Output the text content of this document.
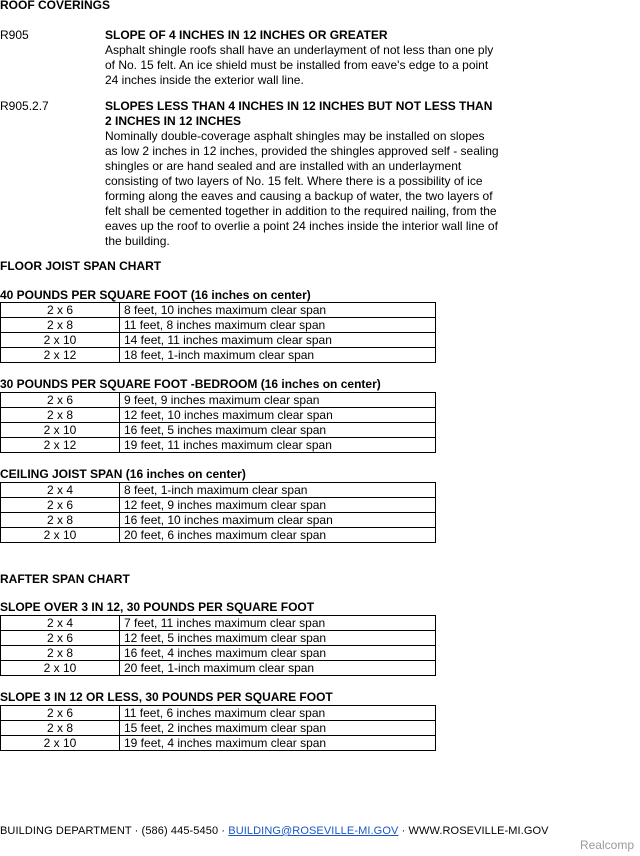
ROOF COVERINGS
R905	SLOPE OF 4 INCHES IN 12 INCHES OR GREATER
Asphalt shingle roofs shall have an underlayment of not less than one ply
of No. 15 felt. An ice shield must be installed from eave's edge to a point
24 inches inside the exterior wall line.
R905.2.7	SLOPES LESS THAN 4 INCHES IN 12 INCHES BUT NOT LESS THAN
2 INCHES IN 12 INCHES
Nominally double-coverage asphalt shingles may be installed on slopes
as low 2 inches in 12 inches, provided the shingles approved self - sealing
shingles or are hand sealed and are installed with an underlayment
consisting of two layers of No. 15 felt. Where there is a possibility of ice
forming along the eaves and causing a backup of water, the two layers of
felt shall be cemented together in addition to the required nailing, from the
eaves up the roof to overlie a point 24 inches inside the interior wall line of
the building.
FLOOR JOIST SPAN CHART
40 POUNDS PER SQUARE FOOT (16 inches on center)
2 x 6	8 feet, 10 inches maximum clear span
2 x 8	11 feet, 8 inches maximum clear span
2 x 10	14 feet, 11 inches maximum clear span
2 x 12	18 feet, 1-inch maximum clear span
30 POUNDS PER SQUARE FOOT -BEDROOM (16 inches on center)
2 x 6	9 feet, 9 inches maximum clear span
2 x 8	12 feet, 10 inches maximum clear span
2 x 10	16 feet, 5 inches maximum clear span
2 x 12	19 feet, 11 inches maximum clear span
CEILING JOIST SPAN (16 inches on center)
2 x 4	8 feet, 1-inch maximum clear span
2 x 6	12 feet, 9 inches maximum clear span
2 x 8	16 feet, 10 inches maximum clear span
2 x 10	20 feet, 6 inches maximum clear span
RAFTER SPAN CHART
SLOPE OVER 3 IN 12, 30 POUNDS PER SQUARE FOOT
2 x 4	7 feet, 11 inches maximum clear span
2 x 6	12 feet, 5 inches maximum clear span
2 x 8	16 feet, 4 inches maximum clear span
2 x 10	20 feet, 1-inch maximum clear span
SLOPE 3 IN 12 OR LESS, 30 POUNDS PER SQUARE FOOT
2 x 6	11 feet, 6 inches maximum clear span
2 x 8	15 feet, 2 inches maximum clear span
2 x 10	19 feet, 4 inches maximum clear span
BUILDING DEPARTMENT · (586) 445-5450 · BUILDING@ROSEVILLE-MI.GOV · WWW.ROSEVILLE-MI.GOV
Realcomp
